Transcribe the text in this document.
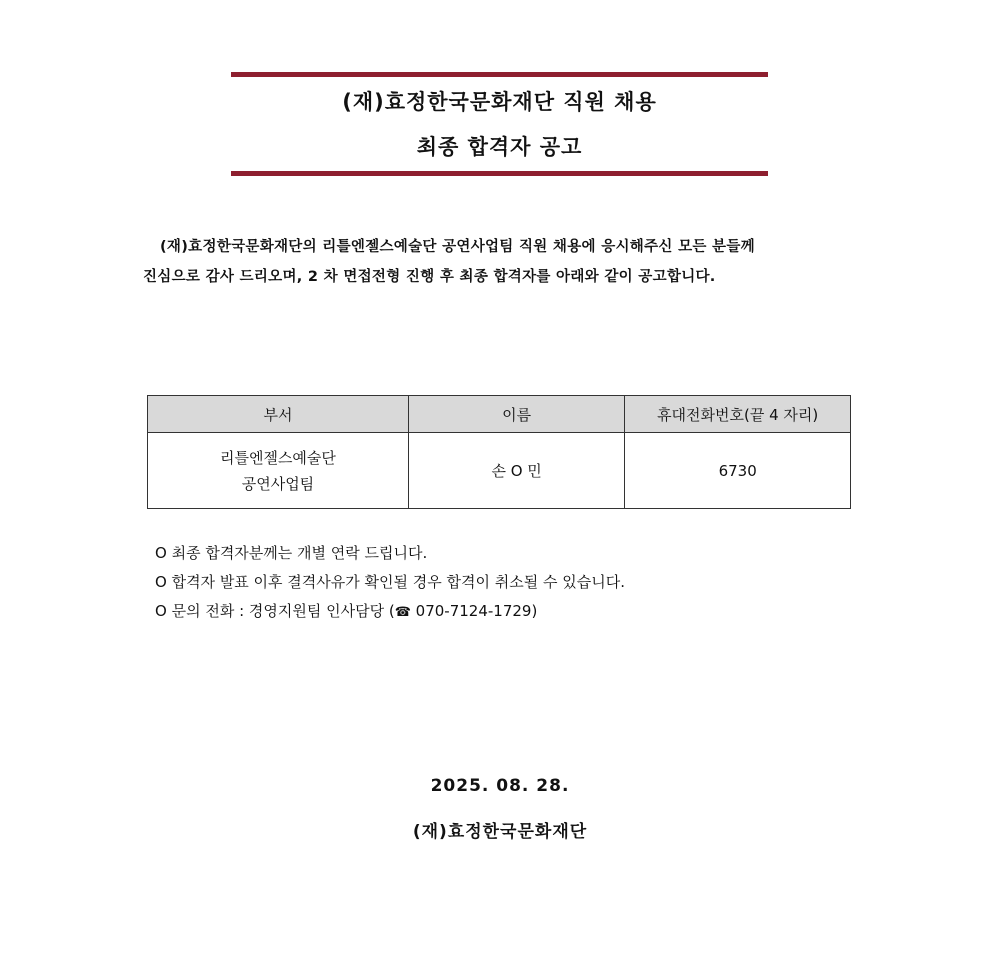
(재)효정한국문화재단 직원 채용
최종 합격자 공고
(재)효정한국문화재단의 리틀엔젤스예술단 공연사업팀 직원 채용에 응시해주신 모든 분들께
진심으로 감사 드리오며, 2 차 면접전형 진행 후 최종 합격자를 아래와 같이 공고합니다.
부서	이름	휴대전화번호(끝 4 자리)
리틀엔젤스예술단
공연사업팀	손 O 민	6730
O 최종 합격자분께는 개별 연락 드립니다.
O 합격자 발표 이후 결격사유가 확인될 경우 합격이 취소될 수 있습니다.
O 문의 전화 : 경영지원팀 인사담당 (☎ 070-7124-1729)
2025. 08. 28.
(재)효정한국문화재단
